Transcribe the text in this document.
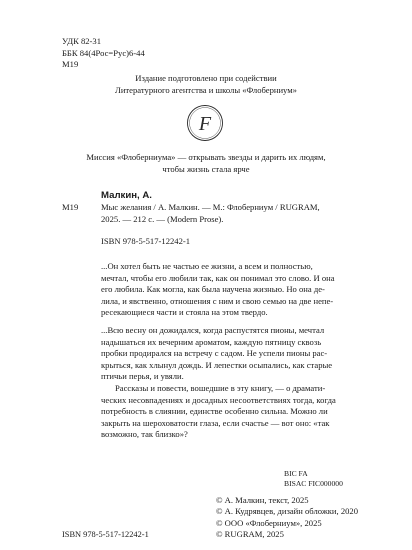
УДК 82-31
ББК 84(4Рос=Рус)6-44
М19
Издание подготовлено при содействии
Литературного агентства и школы «Флоберниум»
F
Миссия «Флоберниума» — открывать звезды и дарить их людям,
чтобы жизнь стала ярче
Малкин, А.
М19	Мыс желания / А. Малкин. — М.: Флоберниум / RUGRAM,
2025. — 212 с. — (Modern Prose).
ISBN 978-5-517-12242-1
...Он хотел быть не частью ее жизни, а всем и полностью,
мечтал, чтобы его любили так, как он понимал это слово. И она
его любила. Как могла, как была научена жизнью. Но она де-
лила, и явственно, отношения с ним и свою семью на две непе-
ресекающиеся части и стояла на этом твердо.
...Всю весну он дожидался, когда распустятся пионы, мечтал
надышаться их вечерним ароматом, каждую пятницу сквозь
пробки продирался на встречу с садом. Не успели пионы рас-
крыться, как хлынул дождь. И лепестки осыпались, как старые
птичьи перья, и увяли.
Рассказы и повести, вошедшие в эту книгу, — о драмати-
ческих несовпадениях и досадных несоответствиях тогда, когда
потребность в слиянии, единстве особенно сильна. Можно ли
закрыть на шероховатости глаза, если счастье — вот оно: «так
возможно, так близко»?
BIC FA
BISAC FIC000000
© А. Малкин, текст, 2025
© А. Кудрявцев, дизайн обложки, 2020
© ООО «Флоберниум», 2025
© RUGRAM, 2025
ISBN 978-5-517-12242-1
